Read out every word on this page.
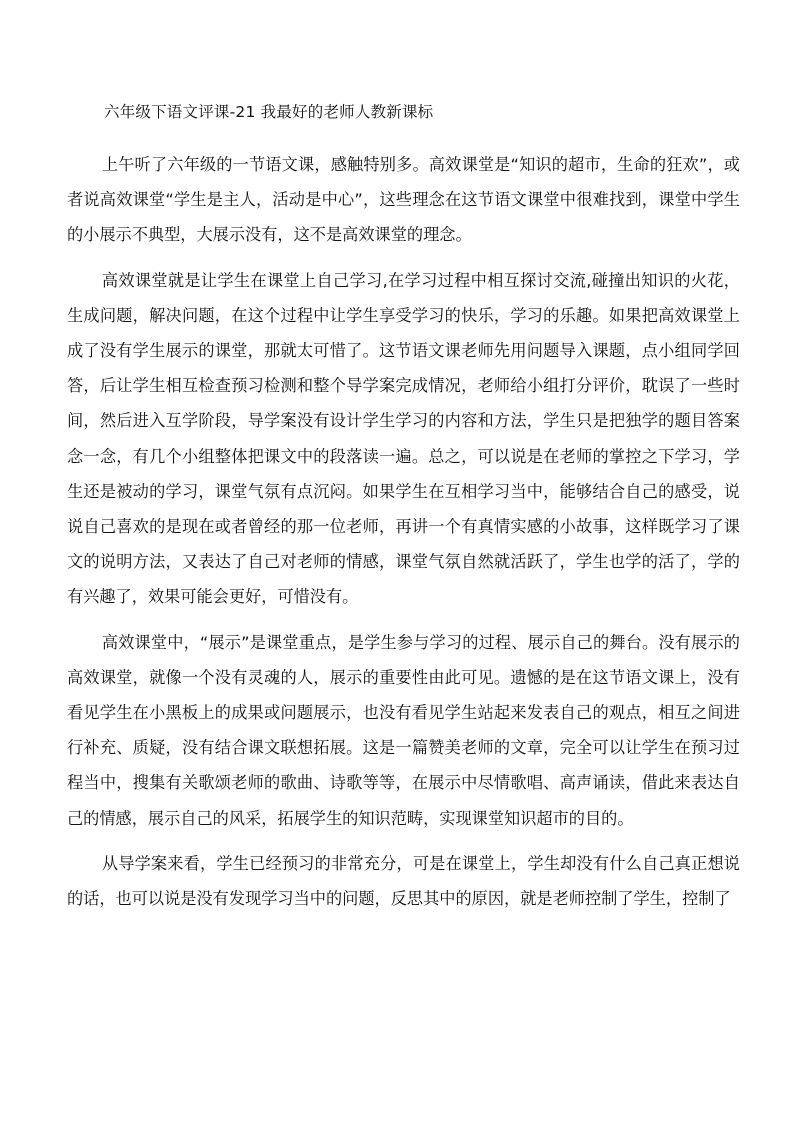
六年级下语文评课-21 我最好的老师人教新课标

上午听了六年级的一节语文课，感触特别多。高效课堂是“知识的超市，生命的狂欢”，或者说高效课堂“学生是主人，活动是中心”，这些理念在这节语文课堂中很难找到，课堂中学生的小展示不典型，大展示没有，这不是高效课堂的理念。

高效课堂就是让学生在课堂上自己学习,在学习过程中相互探讨交流,碰撞出知识的火花，生成问题，解决问题，在这个过程中让学生享受学习的快乐，学习的乐趣。如果把高效课堂上成了没有学生展示的课堂，那就太可惜了。这节语文课老师先用问题导入课题，点小组同学回答，后让学生相互检查预习检测和整个导学案完成情况，老师给小组打分评价，耽误了一些时间，然后进入互学阶段，导学案没有设计学生学习的内容和方法，学生只是把独学的题目答案念一念，有几个小组整体把课文中的段落读一遍。总之，可以说是在老师的掌控之下学习，学生还是被动的学习，课堂气氛有点沉闷。如果学生在互相学习当中，能够结合自己的感受，说说自己喜欢的是现在或者曾经的那一位老师，再讲一个有真情实感的小故事，这样既学习了课文的说明方法，又表达了自己对老师的情感，课堂气氛自然就活跃了，学生也学的活了，学的有兴趣了，效果可能会更好，可惜没有。

高效课堂中，“展示”是课堂重点，是学生参与学习的过程、展示自己的舞台。没有展示的高效课堂，就像一个没有灵魂的人，展示的重要性由此可见。遗憾的是在这节语文课上，没有看见学生在小黑板上的成果或问题展示，也没有看见学生站起来发表自己的观点，相互之间进行补充、质疑，没有结合课文联想拓展。这是一篇赞美老师的文章，完全可以让学生在预习过程当中，搜集有关歌颂老师的歌曲、诗歌等等，在展示中尽情歌唱、高声诵读，借此来表达自己的情感，展示自己的风采，拓展学生的知识范畴，实现课堂知识超市的目的。

从导学案来看，学生已经预习的非常充分，可是在课堂上，学生却没有什么自己真正想说的话，也可以说是没有发现学习当中的问题，反思其中的原因，就是老师控制了学生，控制了
